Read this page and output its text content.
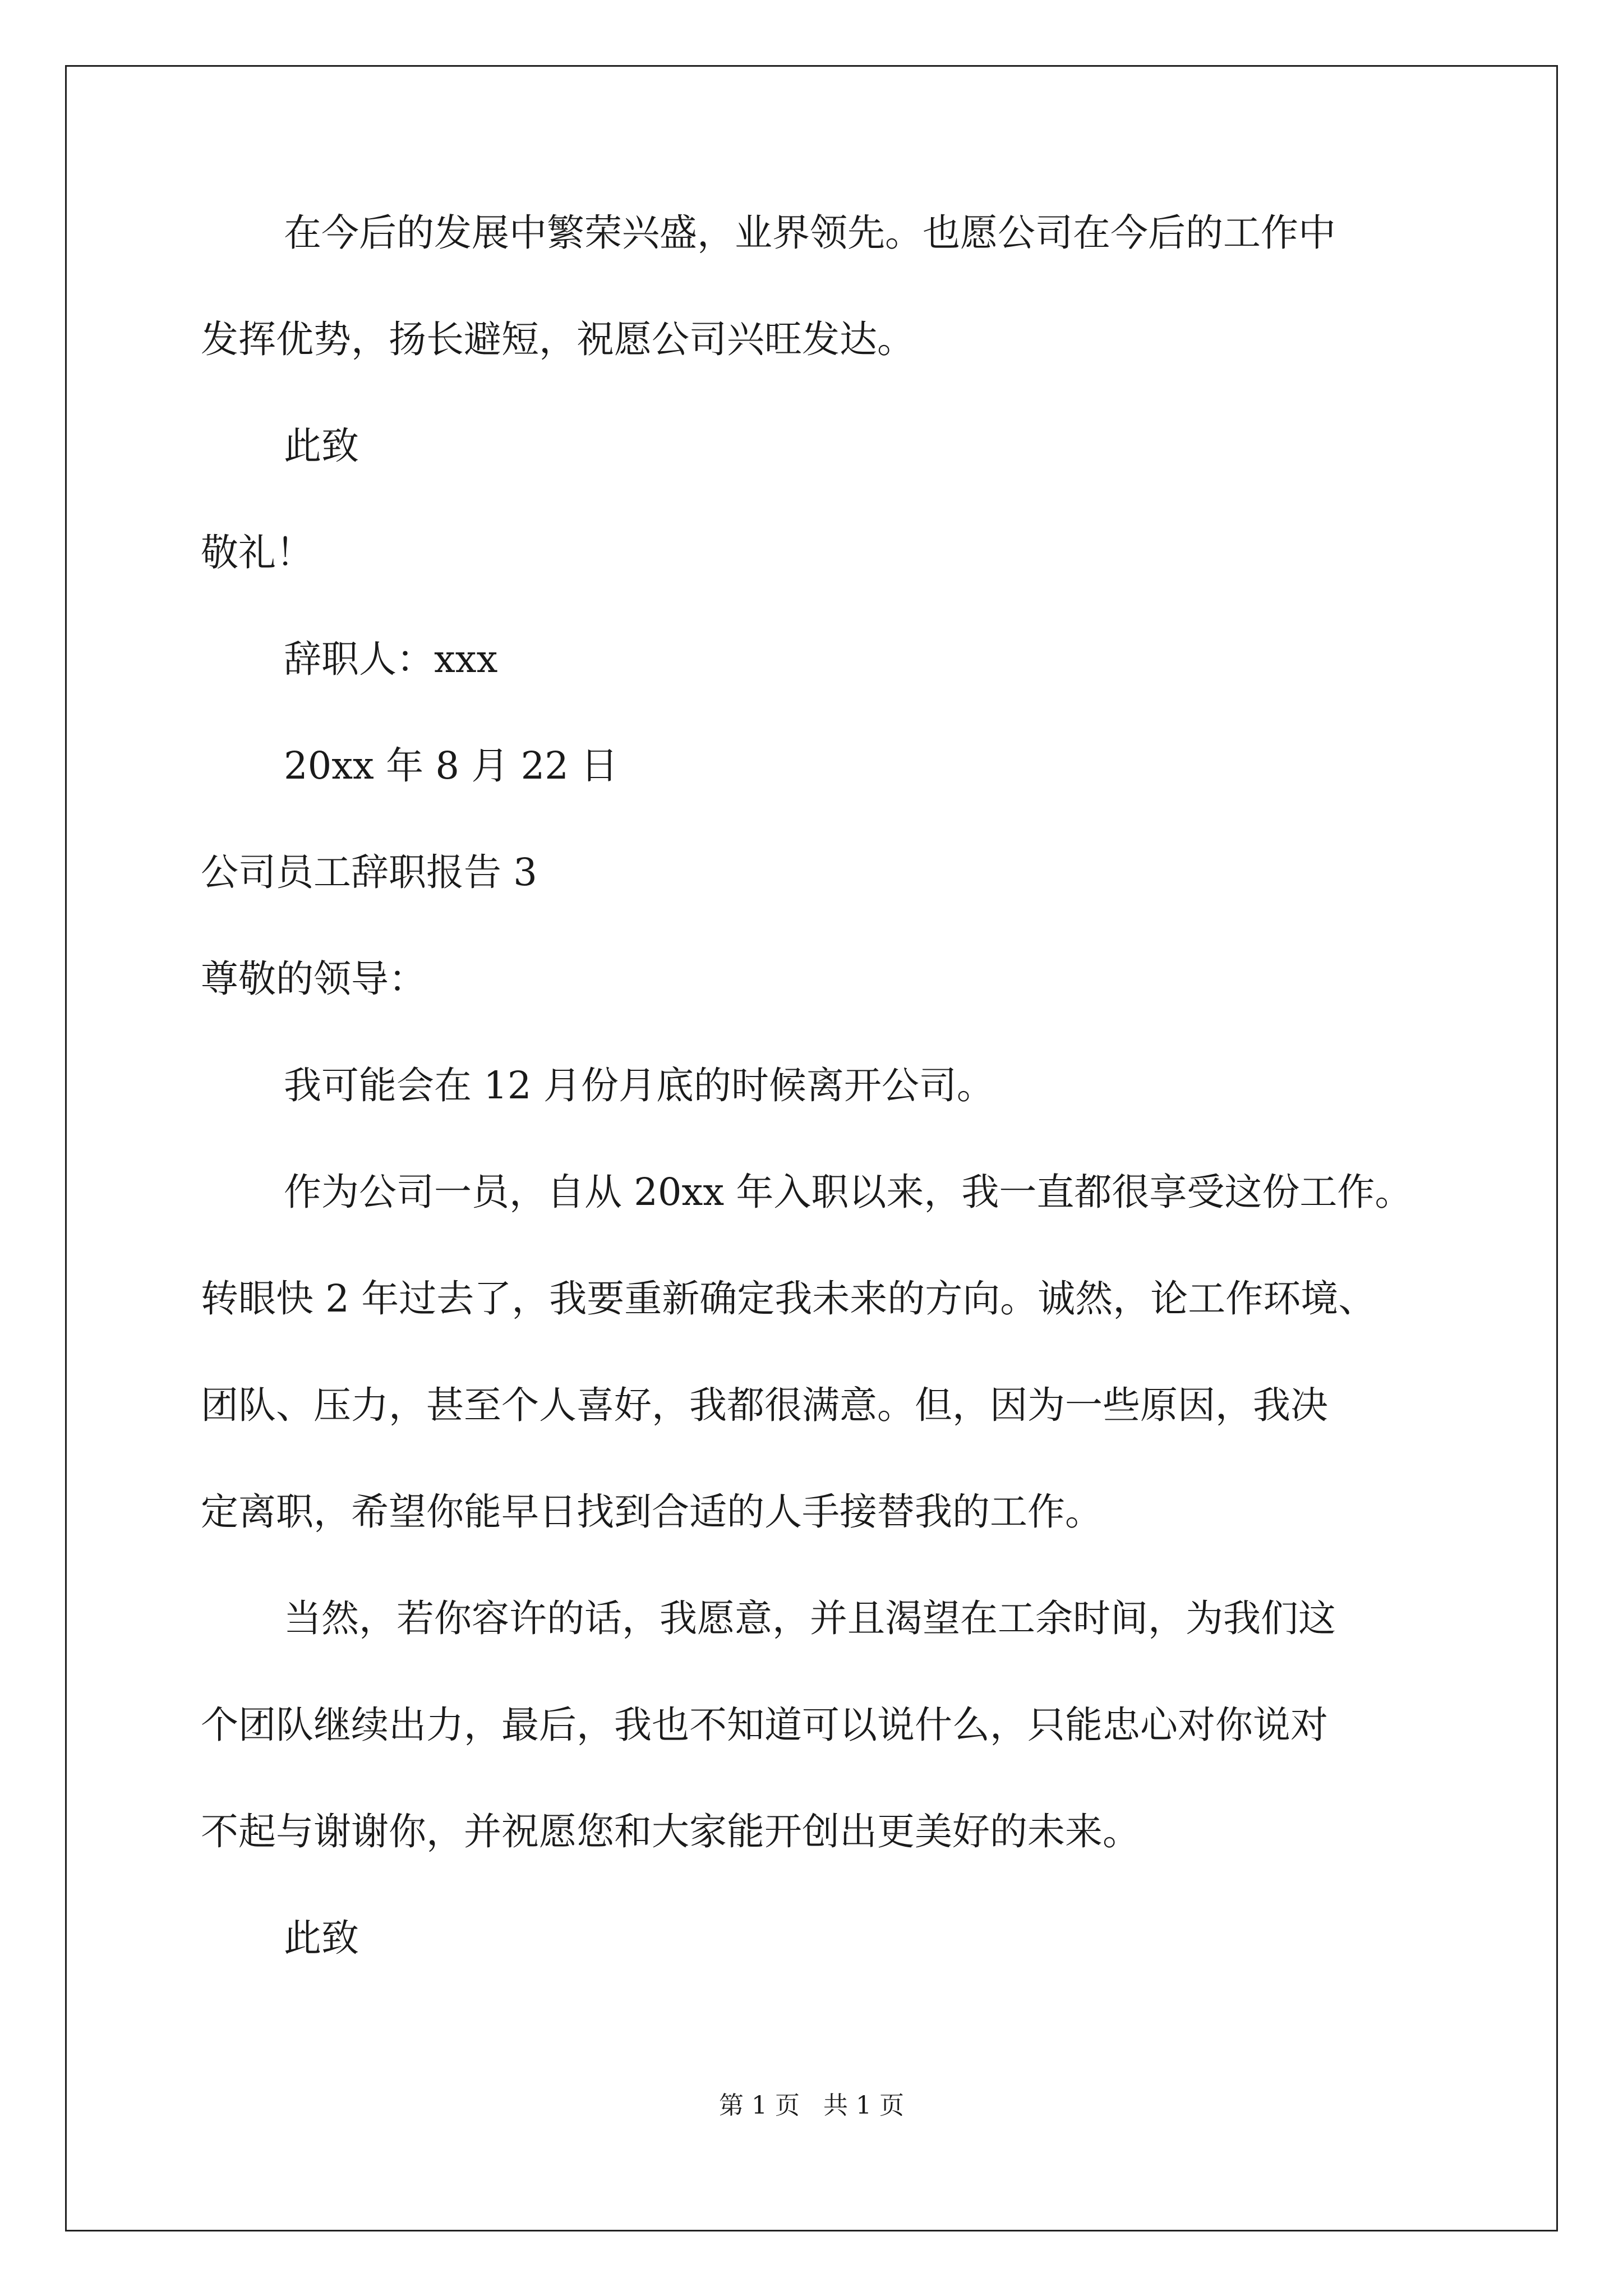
在今后的发展中繁荣兴盛，业界领先。也愿公司在今后的工作中
发挥优势，扬长避短，祝愿公司兴旺发达。
此致
敬礼！
辞职人：xxx
20xx 年 8 月 22 日
公司员工辞职报告 3
尊敬的领导：
我可能会在 12 月份月底的时候离开公司。
作为公司一员，自从 20xx 年入职以来，我一直都很享受这份工作。
转眼快 2 年过去了，我要重新确定我未来的方向。诚然，论工作环境、
团队、压力，甚至个人喜好，我都很满意。但，因为一些原因，我决
定离职，希望你能早日找到合适的人手接替我的工作。
当然，若你容许的话，我愿意，并且渴望在工余时间，为我们这
个团队继续出力，最后，我也不知道可以说什么，只能忠心对你说对
不起与谢谢你，并祝愿您和大家能开创出更美好的未来。
此致
第 1 页   共 1 页
